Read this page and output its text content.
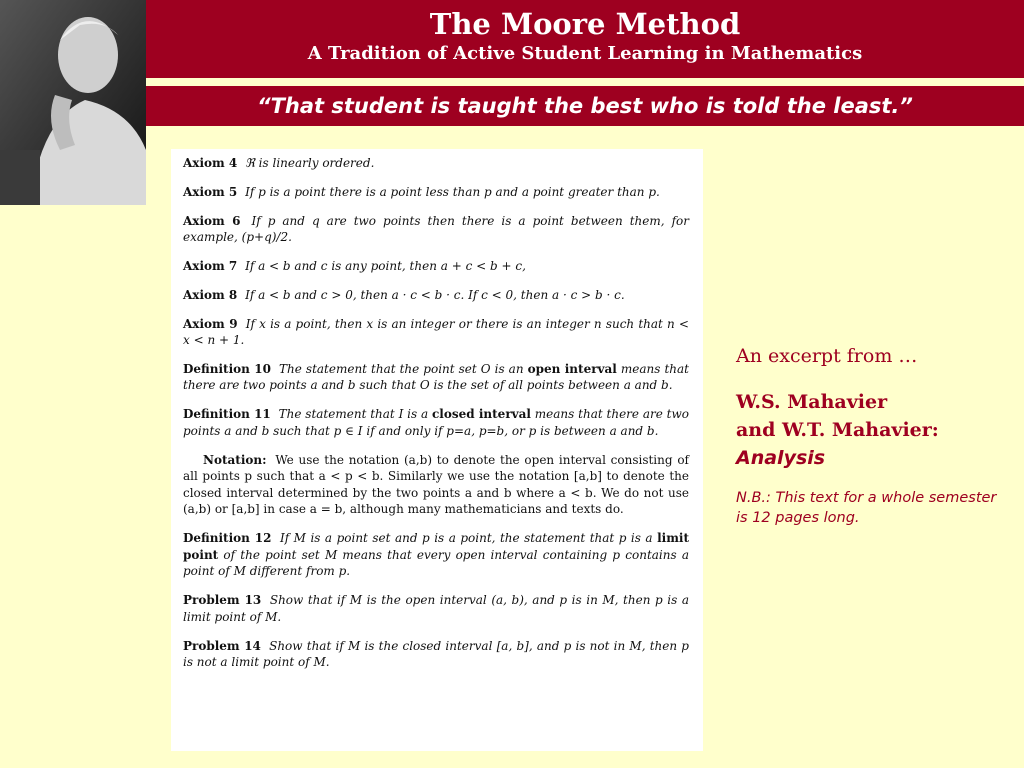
The Moore Method
A Tradition of Active Student Learning in Mathematics
“That student is taught the best who is told the least.”
Axiom 4 ℜ is linearly ordered.
Axiom 5 If p is a point there is a point less than p and a point greater than p.
Axiom 6 If p and q are two points then there is a point between them, for example, (p+q)/2.
Axiom 7 If a < b and c is any point, then a + c < b + c,
Axiom 8 If a < b and c > 0, then a · c < b · c. If c < 0, then a · c > b · c.
Axiom 9 If x is a point, then x is an integer or there is an integer n such that n < x < n + 1.
Definition 10 The statement that the point set O is an open interval means that there are two points a and b such that O is the set of all points between a and b.
Definition 11 The statement that I is a closed interval means that there are two points a and b such that p ∈ I if and only if p=a, p=b, or p is between a and b.
Notation: We use the notation (a,b) to denote the open interval consisting of all points p such that a < p < b. Similarly we use the notation [a,b] to denote the closed interval determined by the two points a and b where a < b. We do not use (a,b) or [a,b] in case a = b, although many mathematicians and texts do.
Definition 12 If M is a point set and p is a point, the statement that p is a limit point of the point set M means that every open interval containing p contains a point of M different from p.
Problem 13 Show that if M is the open interval (a, b), and p is in M, then p is a limit point of M.
Problem 14 Show that if M is the closed interval [a, b], and p is not in M, then p is not a limit point of M.

An excerpt from …

W.S. Mahavier

and W.T. Mahavier:

Analysis

N.B.: This text for a whole semester is 12 pages long.
